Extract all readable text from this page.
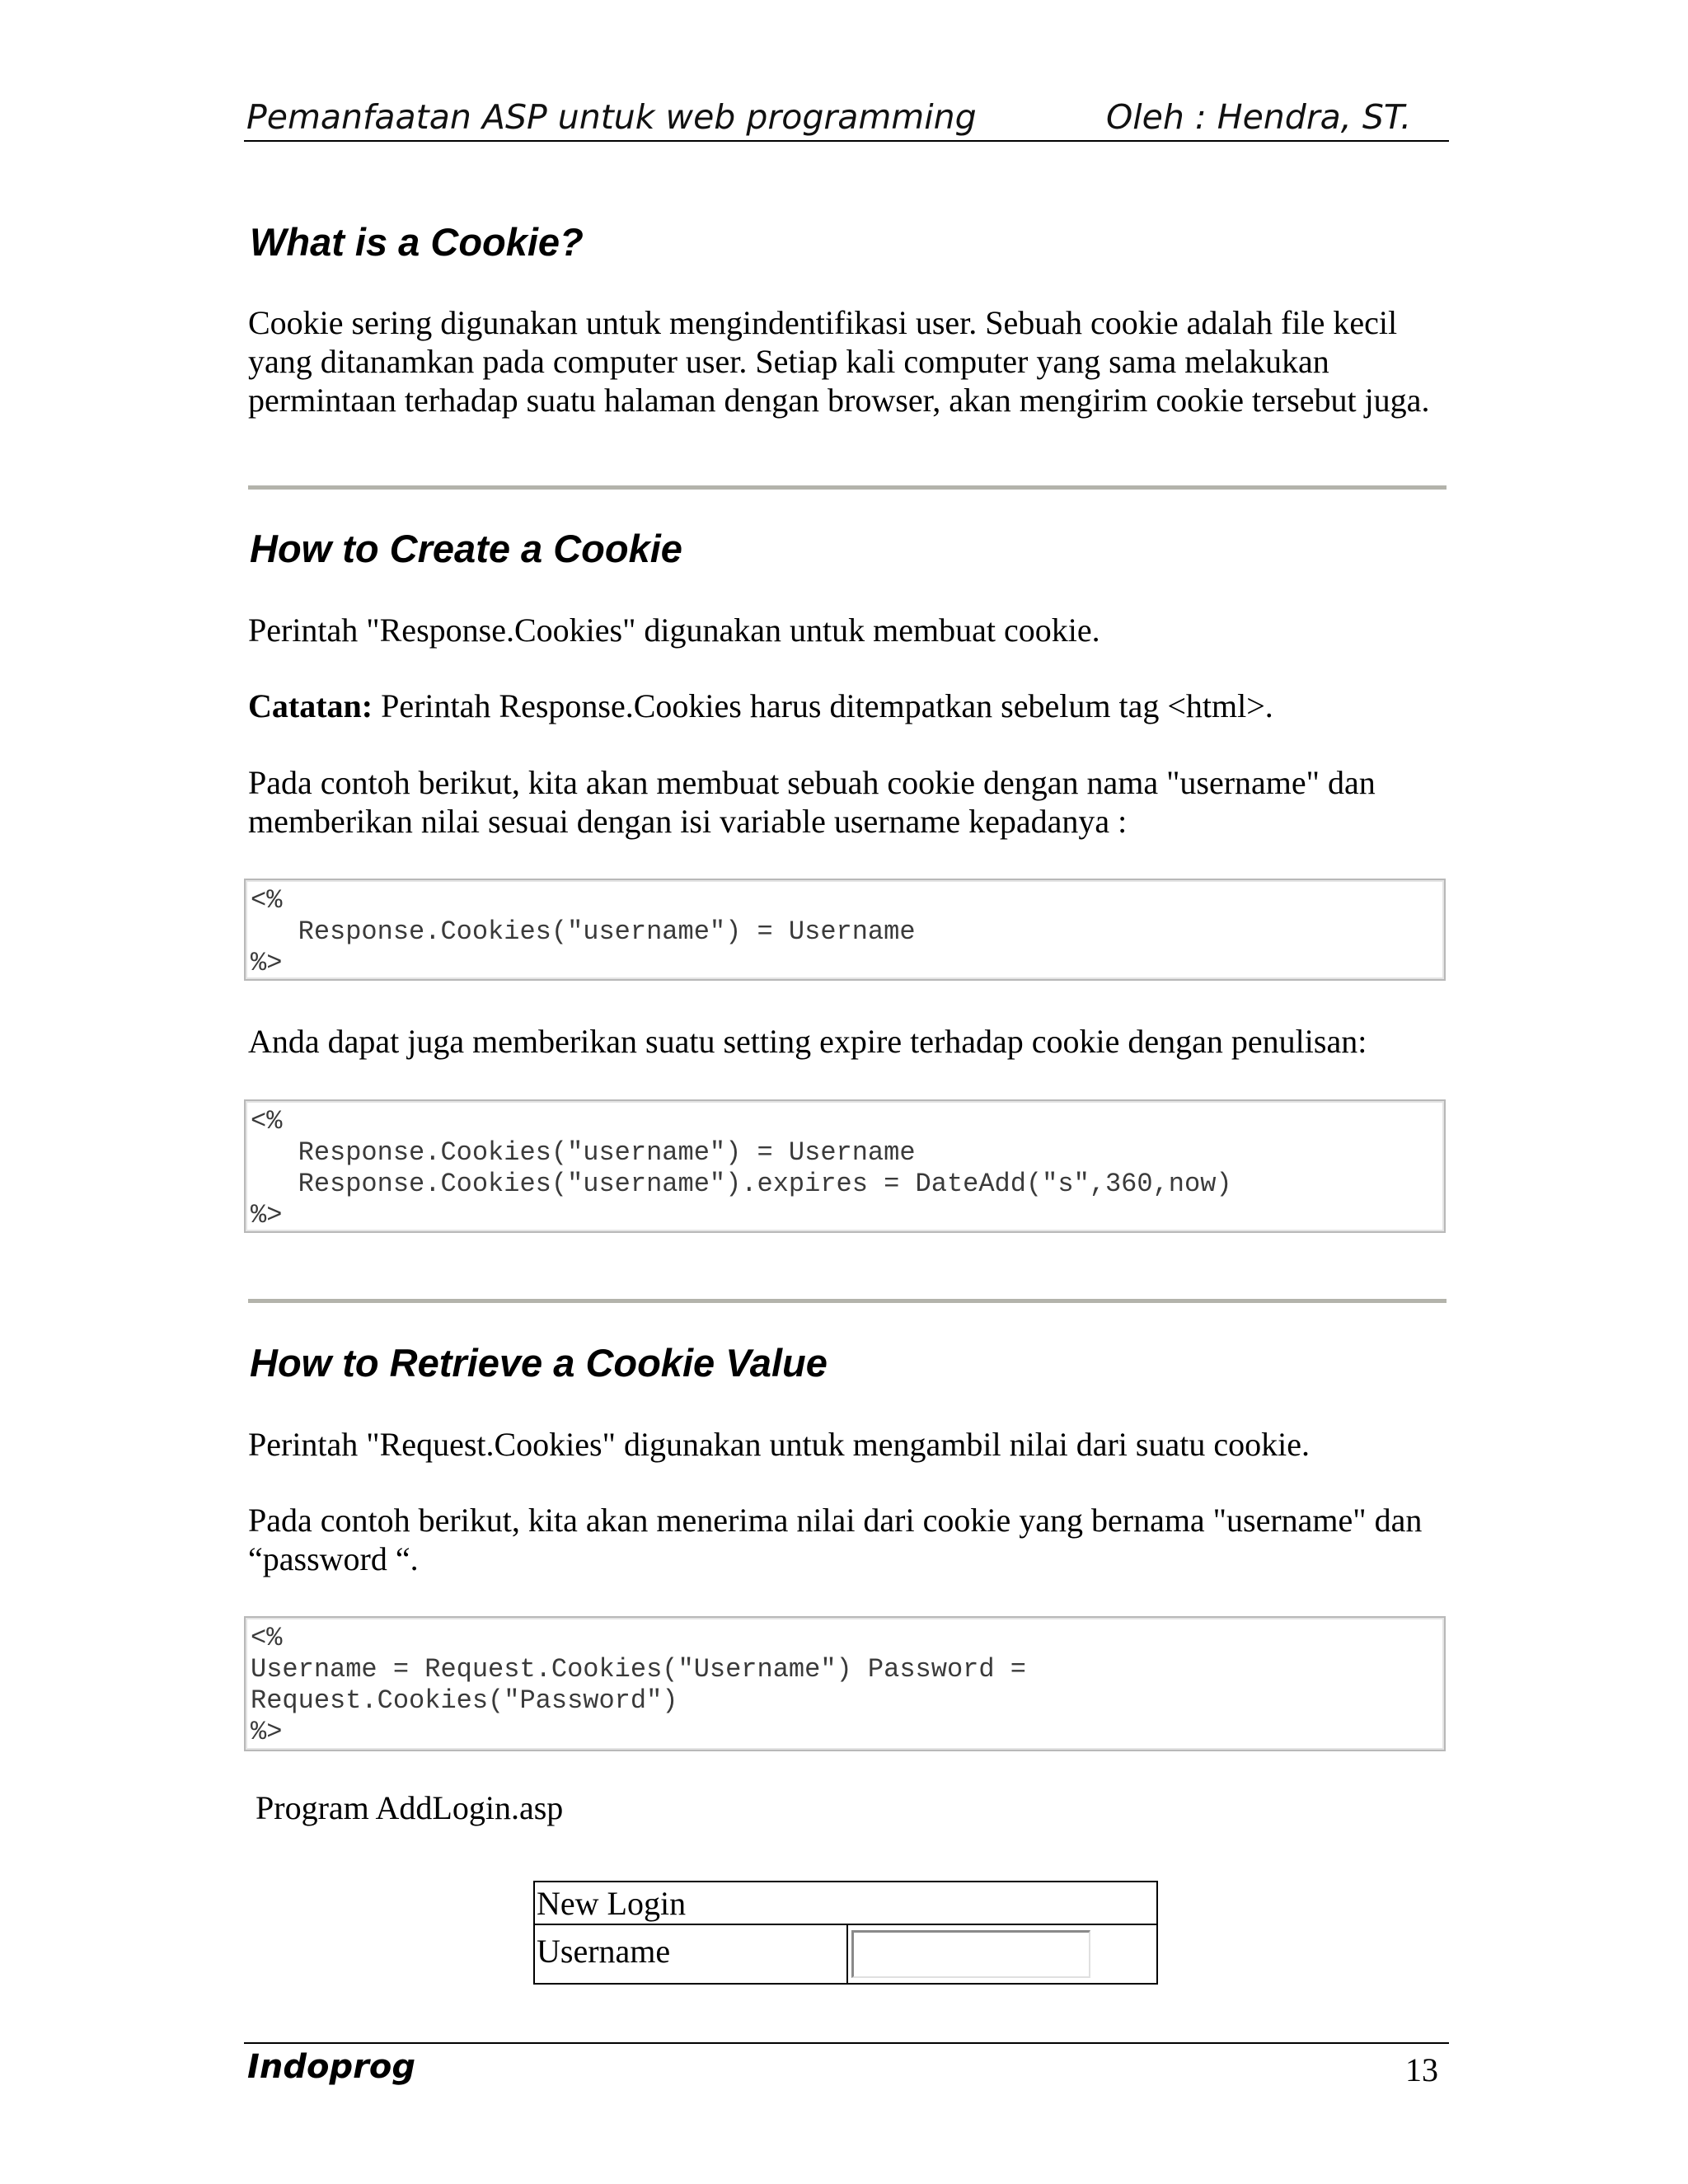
Pemanfaatan ASP untuk web programming	Oleh : Hendra, ST.
What is a Cookie?

Cookie sering digunakan untuk mengindentifikasi user. Sebuah cookie adalah file kecil yang ditanamkan pada computer user. Setiap kali computer yang sama melakukan permintaan terhadap suatu halaman dengan browser, akan mengirim cookie tersebut juga.

How to Create a Cookie

Perintah "Response.Cookies" digunakan untuk membuat cookie.

Catatan: Perintah Response.Cookies harus ditempatkan sebelum tag <html>.

Pada contoh berikut, kita akan membuat sebuah cookie dengan nama "username" dan memberikan nilai sesuai dengan isi variable username kepadanya :

<%
Response.Cookies("username") = Username
%>

Anda dapat juga memberikan suatu setting expire terhadap cookie dengan penulisan:

<%
Response.Cookies("username") = Username
Response.Cookies("username").expires = DateAdd("s",360,now)
%>
How to Retrieve a Cookie Value

Perintah "Request.Cookies" digunakan untuk mengambil nilai dari suatu cookie.

Pada contoh berikut, kita akan menerima nilai dari cookie yang bernama "username" dan “password “.

<%
Username = Request.Cookies("Username") Password =
Request.Cookies("Password")
%>

Program AddLogin.asp

New Login
Username
Indoprog	13
